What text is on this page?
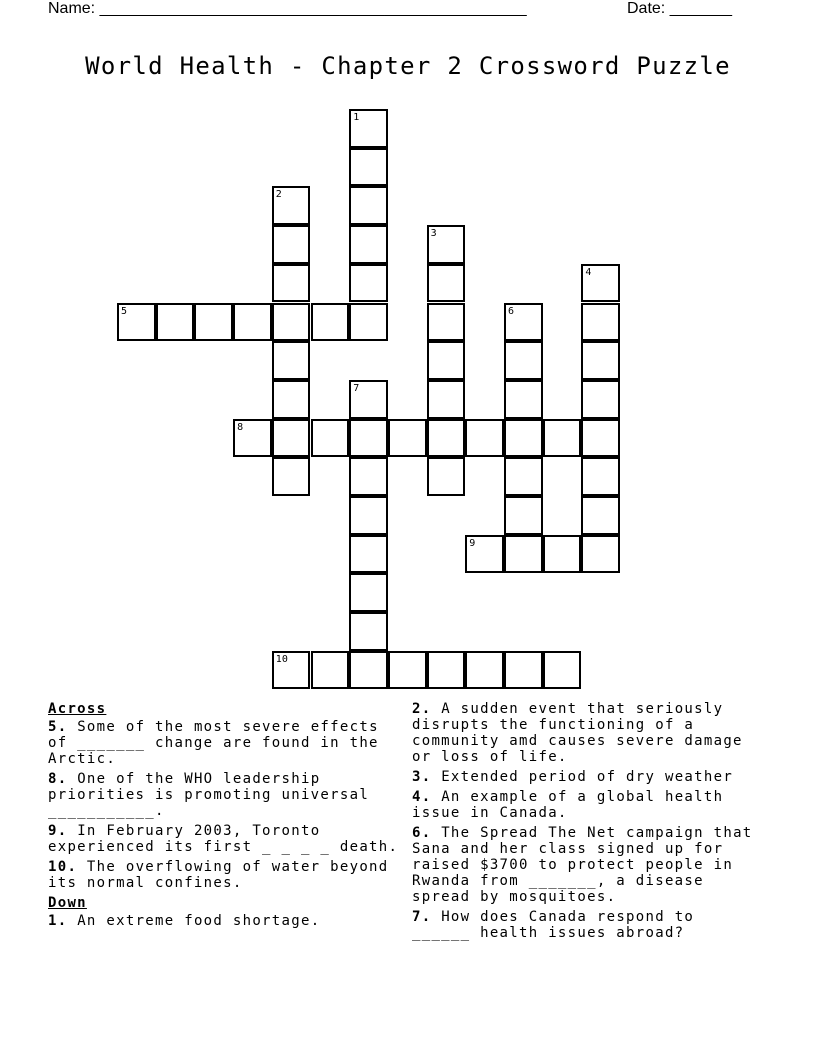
Name: ________________________________________________	Date: _______
World Health - Chapter 2 Crossword Puzzle
1
2
3
4
5	6
7
8
9
10
Across
5. Some of the most severe effects of _______ change are found in the Arctic.
8. One of the WHO leadership priorities is promoting universal ___________.
9. In February 2003, Toronto experienced its first _ _ _ _ death.
10. The overflowing of water beyond its normal confines.
Down
1. An extreme food shortage.
2. A sudden event that seriously disrupts the functioning of a community amd causes severe damage or loss of life.
3. Extended period of dry weather
4. An example of a global health issue in Canada.
6. The Spread The Net campaign that Sana and her class signed up for raised $3700 to protect people in Rwanda from _______, a disease spread by mosquitoes.
7. How does Canada respond to ______ health issues abroad?
